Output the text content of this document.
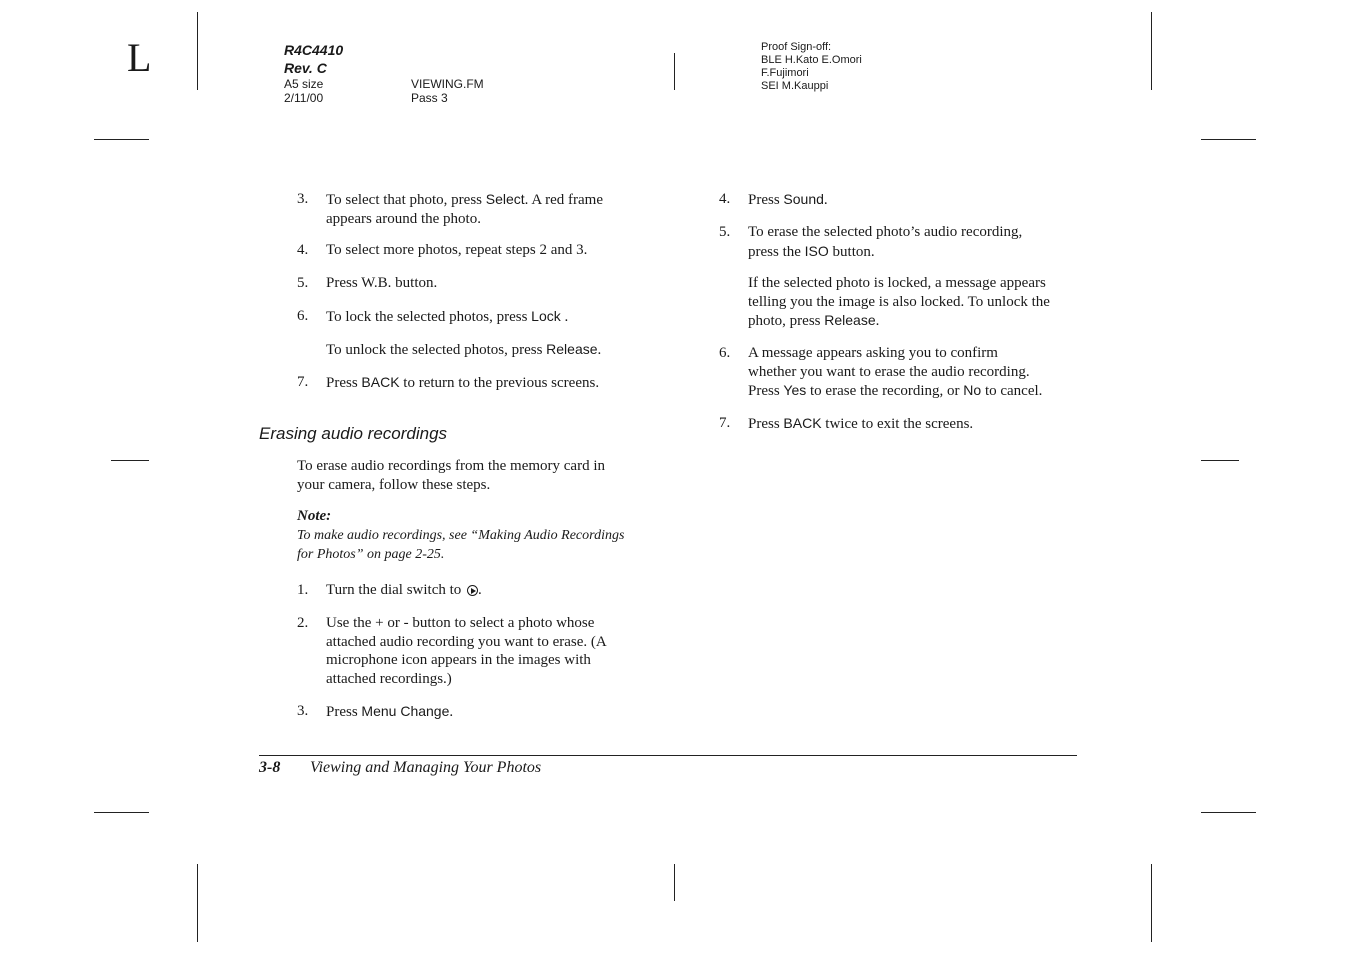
L	R4C4410
Rev. C
A5 size
2/11/00
VIEWING.FM
Pass 3
Proof Sign-off:
BLE H.Kato E.Omori
F.Fujimori
SEI M.Kauppi
3. To select that photo, press Select. A red frame
appears around the photo.
4. To select more photos, repeat steps 2 and 3.
5. Press W.B. button.
6. To lock the selected photos, press Lock .
To unlock the selected photos, press Release.
7. Press BACK to return to the previous screens.
Erasing audio recordings
To erase audio recordings from the memory card in
your camera, follow these steps.
Note:
To make audio recordings, see “Making Audio Recordings
for Photos” on page 2-25.
1. Turn the dial switch to .
2. Use the + or - button to select a photo whose
attached audio recording you want to erase. (A
microphone icon appears in the images with
attached recordings.)
3. Press Menu Change.
4. Press Sound.
5. To erase the selected photo’s audio recording,
press the ISO button.
If the selected photo is locked, a message appears
telling you the image is also locked. To unlock the
photo, press Release.
6. A message appears asking you to confirm
whether you want to erase the audio recording.
Press Yes to erase the recording, or No to cancel.
7. Press BACK twice to exit the screens.
3-8 Viewing and Managing Your Photos
